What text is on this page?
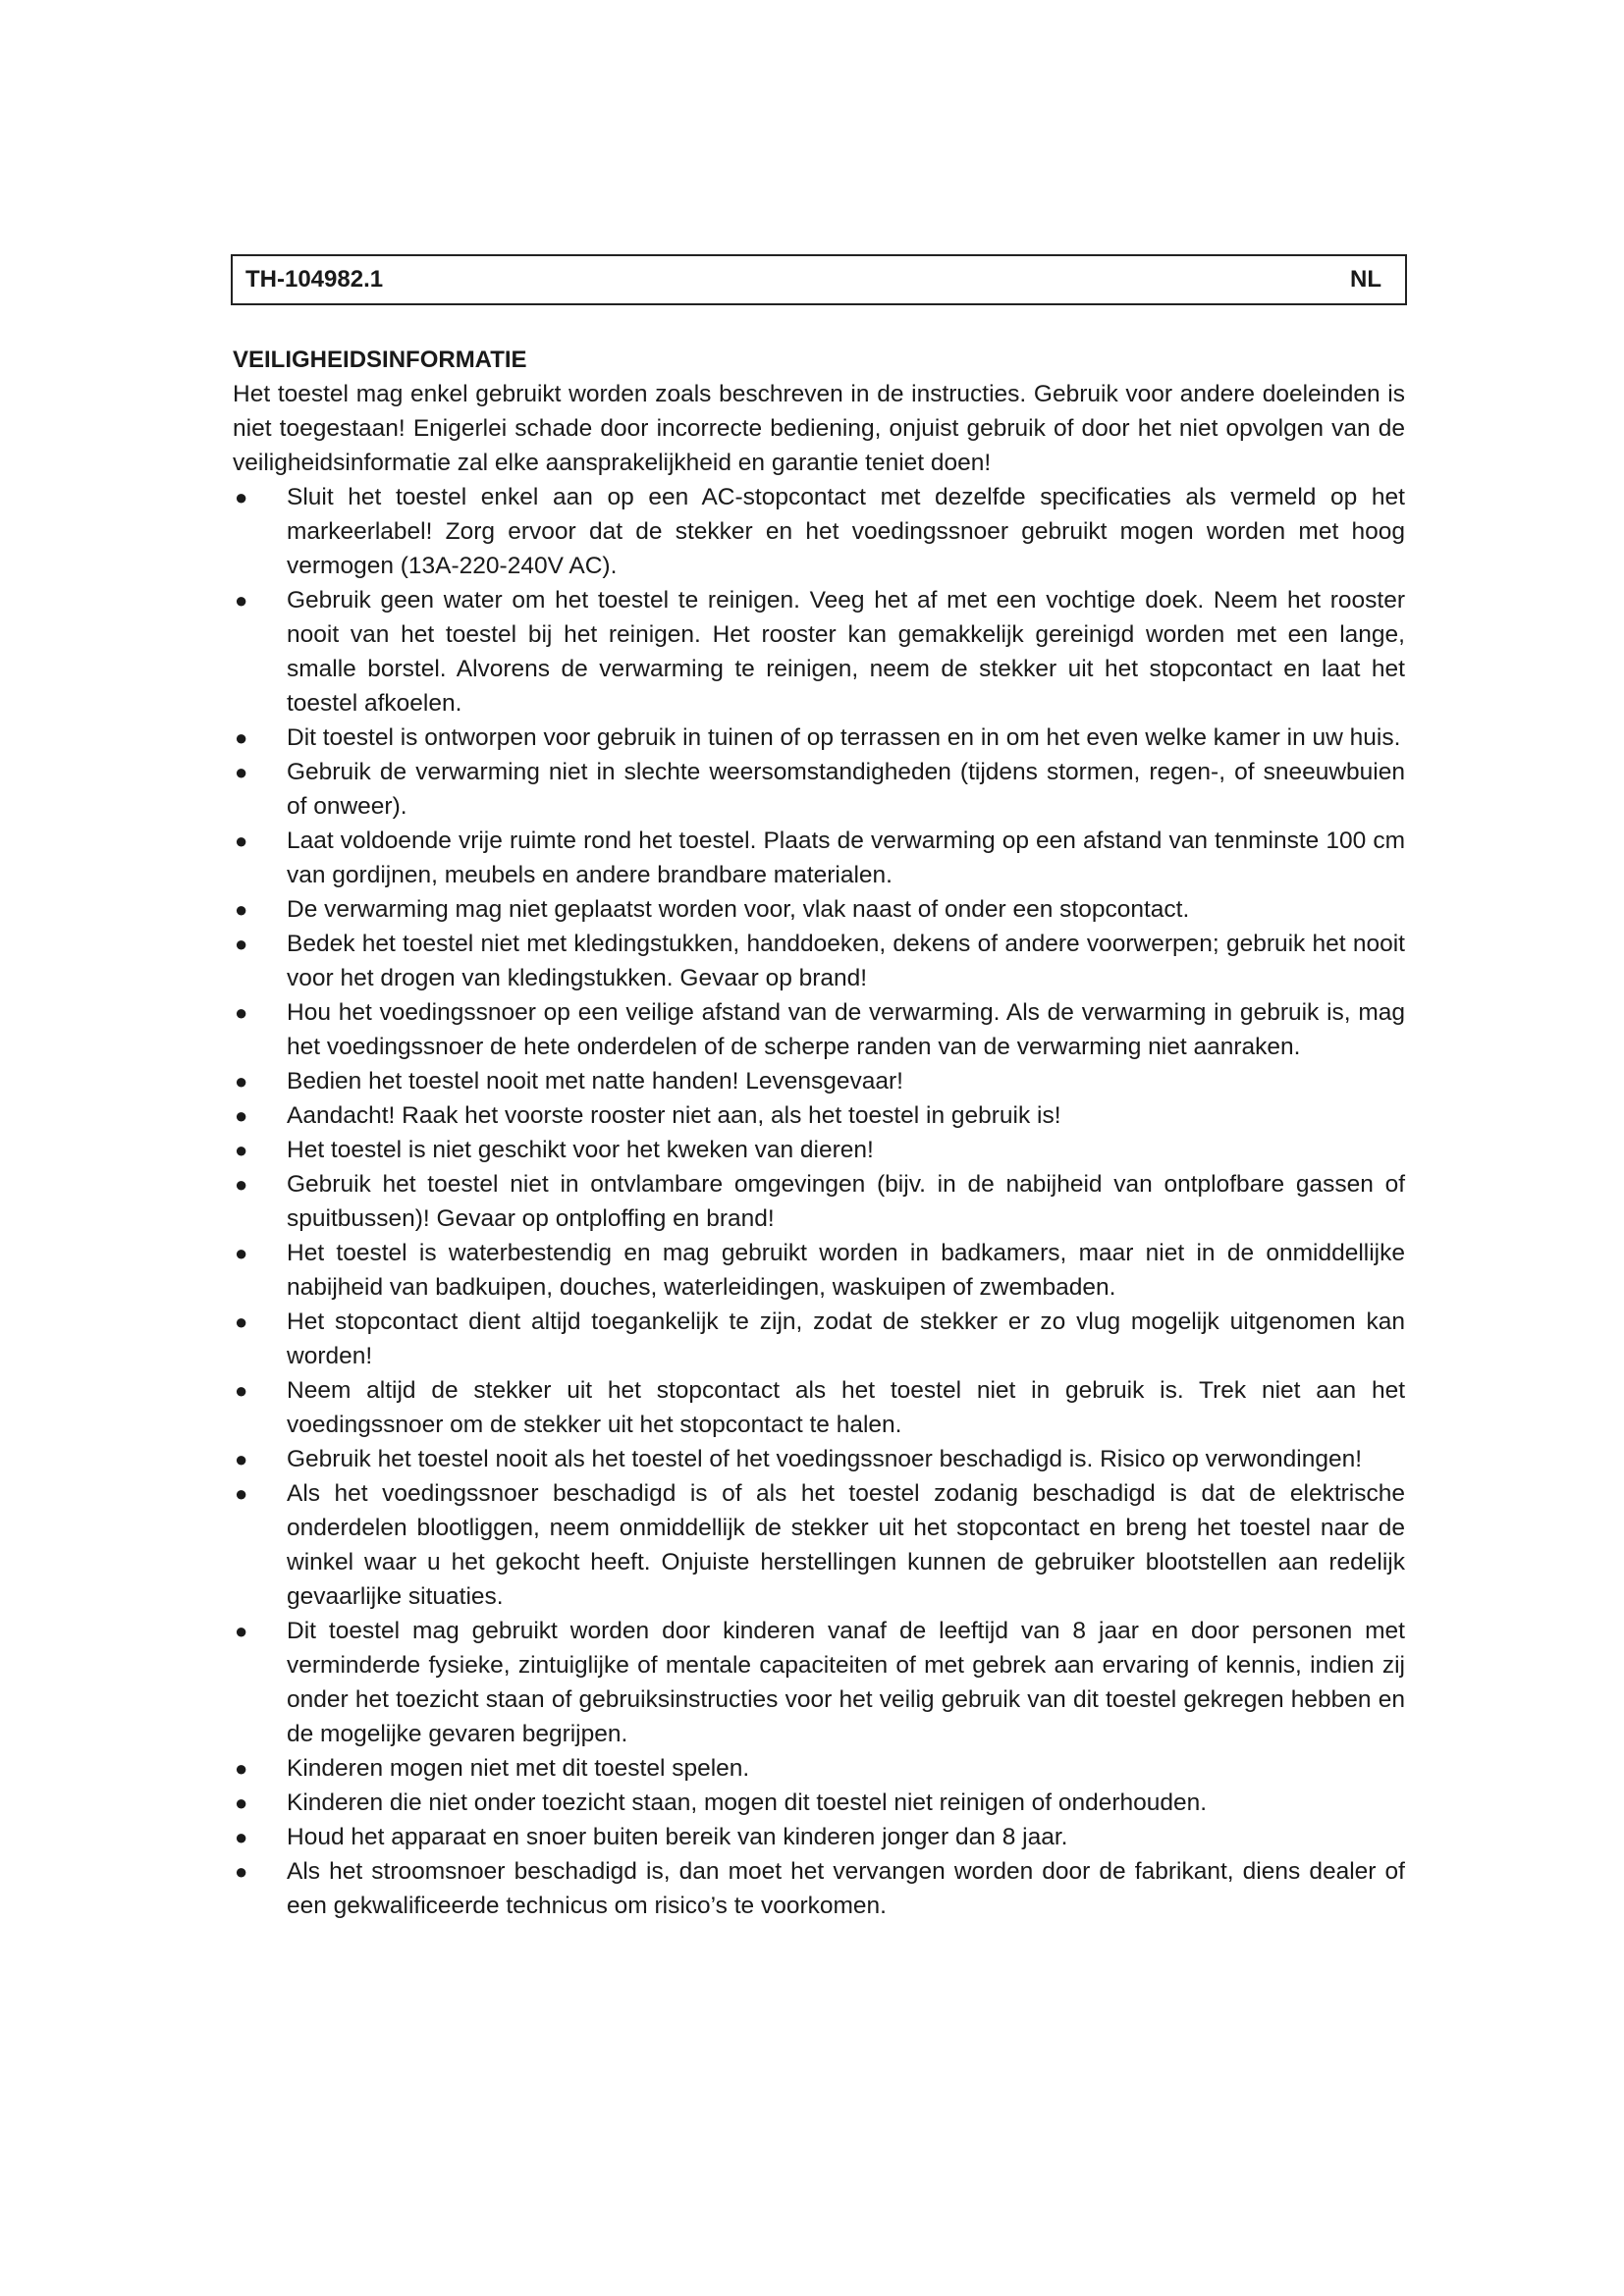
TH-104982.1	NL
VEILIGHEIDSINFORMATIE

Het toestel mag enkel gebruikt worden zoals beschreven in de instructies. Gebruik voor andere doeleinden is niet toegestaan! Enigerlei schade door incorrecte bediening, onjuist gebruik of door het niet opvolgen van de veiligheidsinformatie zal elke aansprakelijkheid en garantie teniet doen!

● Sluit het toestel enkel aan op een AC-stopcontact met dezelfde specificaties als vermeld op het markeerlabel! Zorg ervoor dat de stekker en het voedingssnoer gebruikt mogen worden met hoog vermogen (13A-220-240V AC).
● Gebruik geen water om het toestel te reinigen. Veeg het af met een vochtige doek. Neem het rooster nooit van het toestel bij het reinigen. Het rooster kan gemakkelijk gereinigd worden met een lange, smalle borstel. Alvorens de verwarming te reinigen, neem de stekker uit het stopcontact en laat het toestel afkoelen.
● Dit toestel is ontworpen voor gebruik in tuinen of op terrassen en in om het even welke kamer in uw huis.
● Gebruik de verwarming niet in slechte weersomstandigheden (tijdens stormen, regen-, of sneeuwbuien of onweer).
● Laat voldoende vrije ruimte rond het toestel. Plaats de verwarming op een afstand van tenminste 100 cm van gordijnen, meubels en andere brandbare materialen.
● De verwarming mag niet geplaatst worden voor, vlak naast of onder een stopcontact.
● Bedek het toestel niet met kledingstukken, handdoeken, dekens of andere voorwerpen; gebruik het nooit voor het drogen van kledingstukken. Gevaar op brand!
● Hou het voedingssnoer op een veilige afstand van de verwarming. Als de verwarming in gebruik is, mag het voedingssnoer de hete onderdelen of de scherpe randen van de verwarming niet aanraken.
● Bedien het toestel nooit met natte handen! Levensgevaar!
● Aandacht! Raak het voorste rooster niet aan, als het toestel in gebruik is!
● Het toestel is niet geschikt voor het kweken van dieren!
● Gebruik het toestel niet in ontvlambare omgevingen (bijv. in de nabijheid van ontplofbare gassen of spuitbussen)! Gevaar op ontploffing en brand!
● Het toestel is waterbestendig en mag gebruikt worden in badkamers, maar niet in de onmiddellijke nabijheid van badkuipen, douches, waterleidingen, waskuipen of zwembaden.
● Het stopcontact dient altijd toegankelijk te zijn, zodat de stekker er zo vlug mogelijk uitgenomen kan worden!
● Neem altijd de stekker uit het stopcontact als het toestel niet in gebruik is. Trek niet aan het voedingssnoer om de stekker uit het stopcontact te halen.
● Gebruik het toestel nooit als het toestel of het voedingssnoer beschadigd is. Risico op verwondingen!
● Als het voedingssnoer beschadigd is of als het toestel zodanig beschadigd is dat de elektrische onderdelen blootliggen, neem onmiddellijk de stekker uit het stopcontact en breng het toestel naar de winkel waar u het gekocht heeft. Onjuiste herstellingen kunnen de gebruiker blootstellen aan redelijk gevaarlijke situaties.
● Dit toestel mag gebruikt worden door kinderen vanaf de leeftijd van 8 jaar en door personen met verminderde fysieke, zintuiglijke of mentale capaciteiten of met gebrek aan ervaring of kennis, indien zij onder het toezicht staan of gebruiksinstructies voor het veilig gebruik van dit toestel gekregen hebben en de mogelijke gevaren begrijpen.
● Kinderen mogen niet met dit toestel spelen.
● Kinderen die niet onder toezicht staan, mogen dit toestel niet reinigen of onderhouden.
● Houd het apparaat en snoer buiten bereik van kinderen jonger dan 8 jaar.
● Als het stroomsnoer beschadigd is, dan moet het vervangen worden door de fabrikant, diens dealer of een gekwalificeerde technicus om risico’s te voorkomen.
